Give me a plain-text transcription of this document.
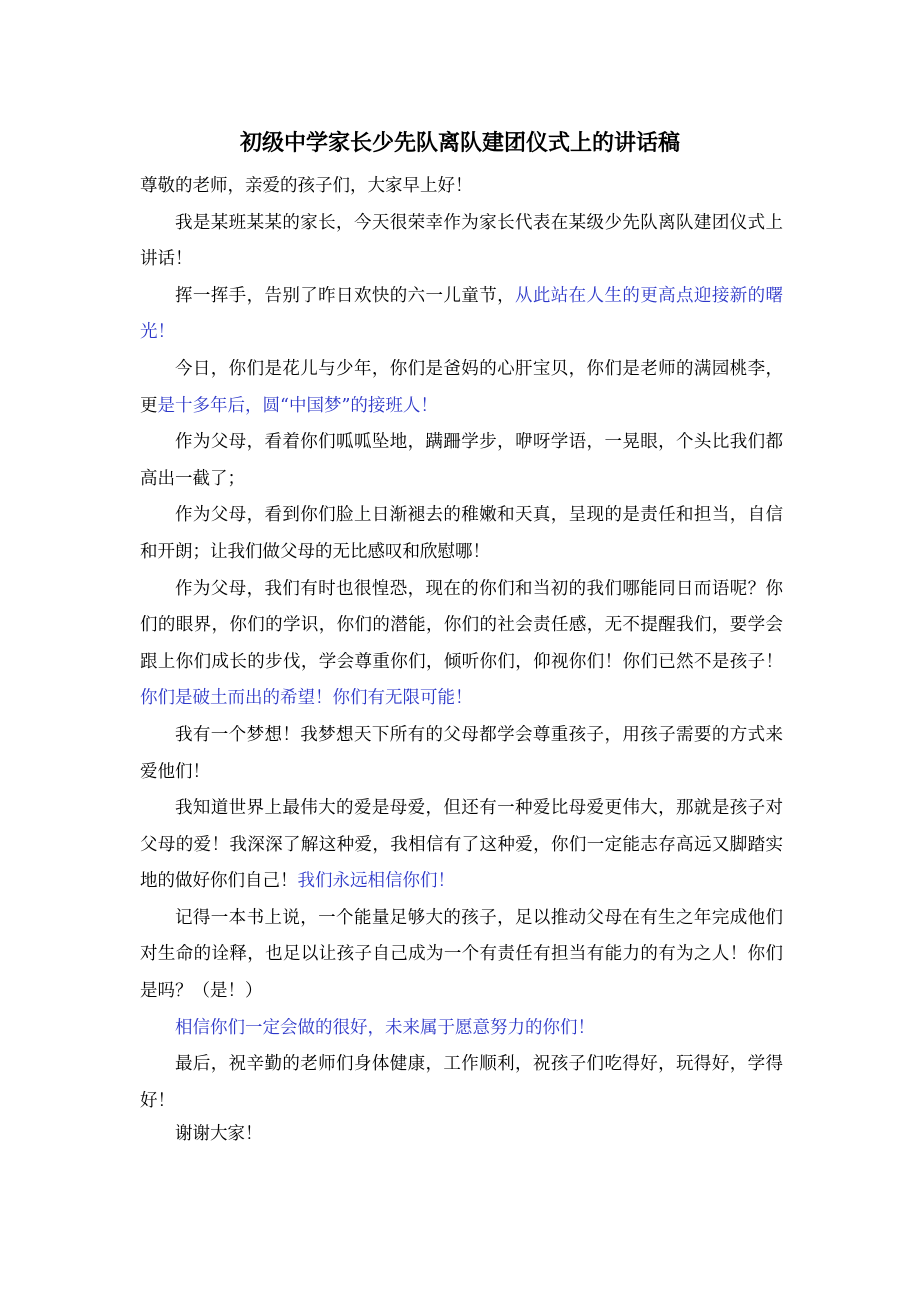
初级中学家长少先队离队建团仪式上的讲话稿

尊敬的老师，亲爱的孩子们，大家早上好！

我是某班某某的家长，今天很荣幸作为家长代表在某级少先队离队建团仪式上讲话！

挥一挥手，告别了昨日欢快的六一儿童节，从此站在人生的更高点迎接新的曙光！

今日，你们是花儿与少年，你们是爸妈的心肝宝贝，你们是老师的满园桃李，更是十多年后，圆“中国梦”的接班人！

作为父母，看着你们呱呱坠地，蹒跚学步，咿呀学语，一晃眼，个头比我们都高出一截了；

作为父母，看到你们脸上日渐褪去的稚嫩和天真，呈现的是责任和担当，自信和开朗；让我们做父母的无比感叹和欣慰哪！

作为父母，我们有时也很惶恐，现在的你们和当初的我们哪能同日而语呢？你们的眼界，你们的学识，你们的潜能，你们的社会责任感，无不提醒我们，要学会跟上你们成长的步伐，学会尊重你们，倾听你们，仰视你们！你们已然不是孩子！你们是破土而出的希望！你们有无限可能！

我有一个梦想！我梦想天下所有的父母都学会尊重孩子，用孩子需要的方式来爱他们！

我知道世界上最伟大的爱是母爱，但还有一种爱比母爱更伟大，那就是孩子对父母的爱！我深深了解这种爱，我相信有了这种爱，你们一定能志存高远又脚踏实地的做好你们自己！我们永远相信你们！

记得一本书上说，一个能量足够大的孩子，足以推动父母在有生之年完成他们对生命的诠释，也足以让孩子自己成为一个有责任有担当有能力的有为之人！你们是吗？（是！）

相信你们一定会做的很好，未来属于愿意努力的你们！

最后，祝辛勤的老师们身体健康，工作顺利，祝孩子们吃得好，玩得好，学得好！

谢谢大家！
